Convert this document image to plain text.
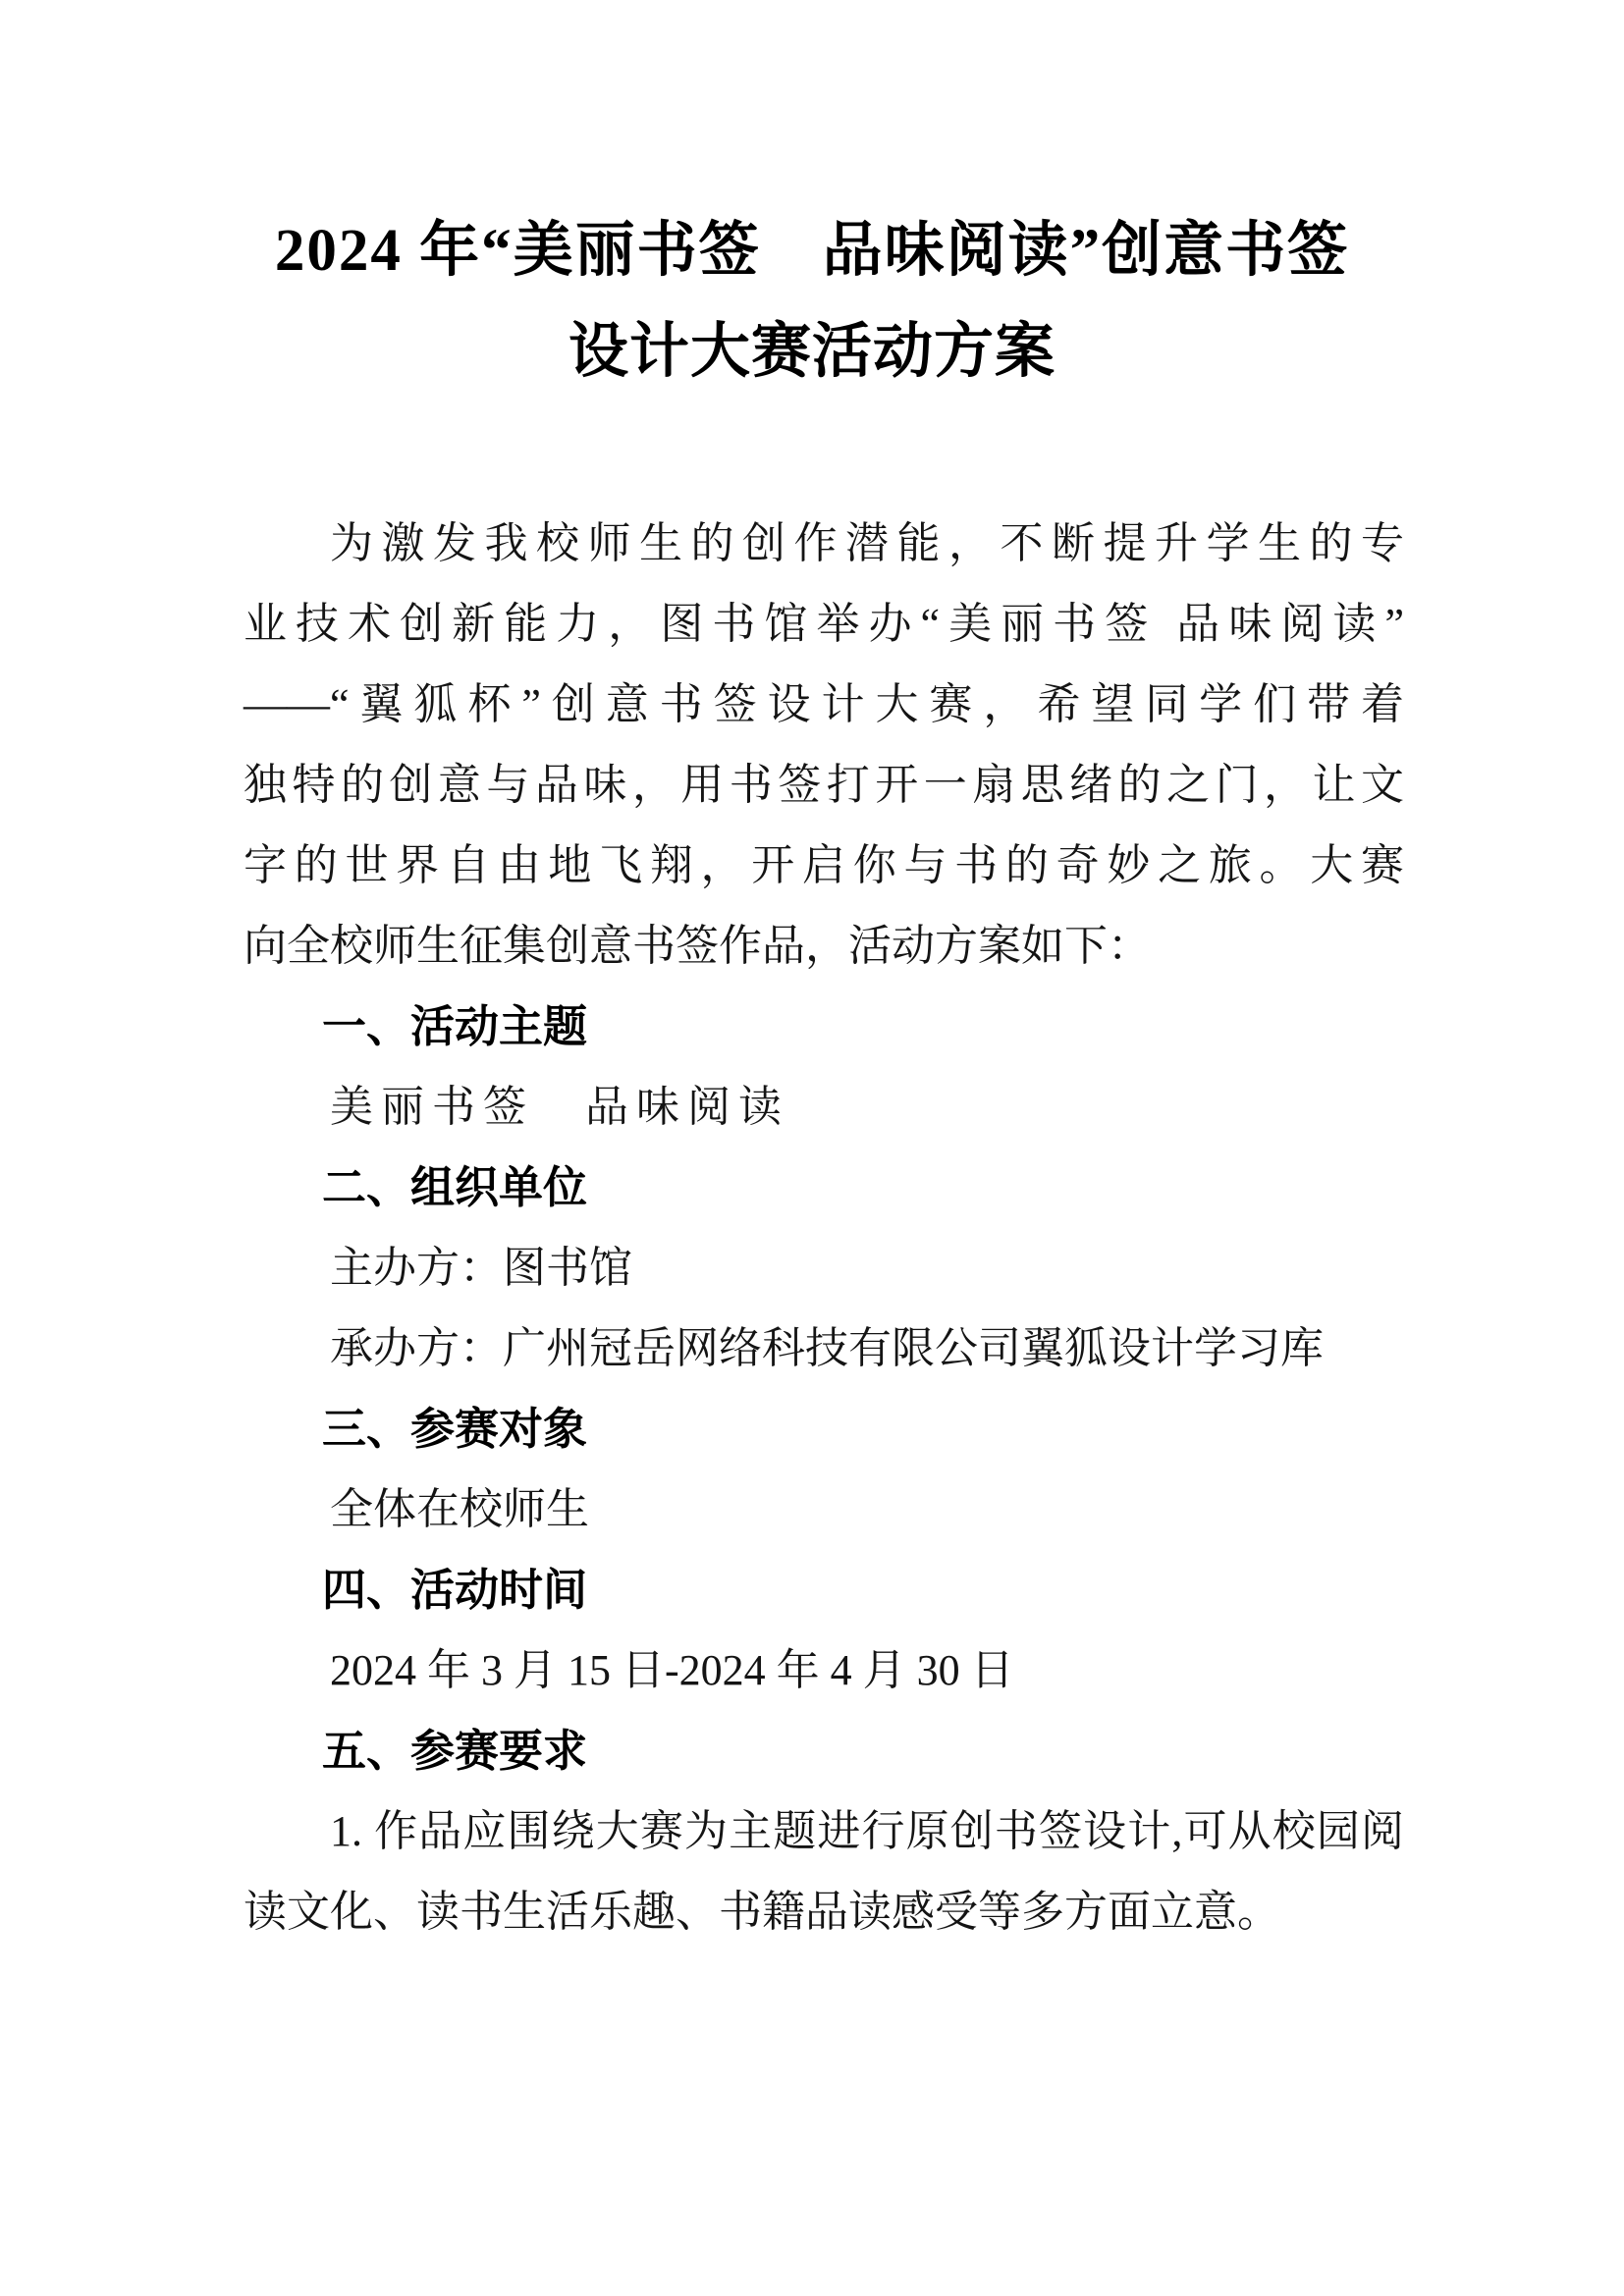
2024 年“美丽书签　品味阅读”创意书签
设计大赛活动方案

为激发我校师生的创作潜能，不断提升学生的专

业技术创新能力，图书馆举办“美丽书签 品味阅读”

——“翼狐杯”创意书签设计大赛，希望同学们带着

独特的创意与品味，用书签打开一扇思绪的之门，让文

字的世界自由地飞翔，开启你与书的奇妙之旅。大赛

向全校师生征集创意书签作品，活动方案如下：

一、活动主题

美丽书签　品味阅读

二、组织单位

主办方：图书馆

承办方：广州冠岳网络科技有限公司翼狐设计学习库

三、参赛对象

全体在校师生

四、活动时间

2024 年 3 月 15 日-2024 年 4 月 30 日

五、参赛要求

1. 作品应围绕大赛为主题进行原创书签设计,可从校园阅

读文化、读书生活乐趣、书籍品读感受等多方面立意。
